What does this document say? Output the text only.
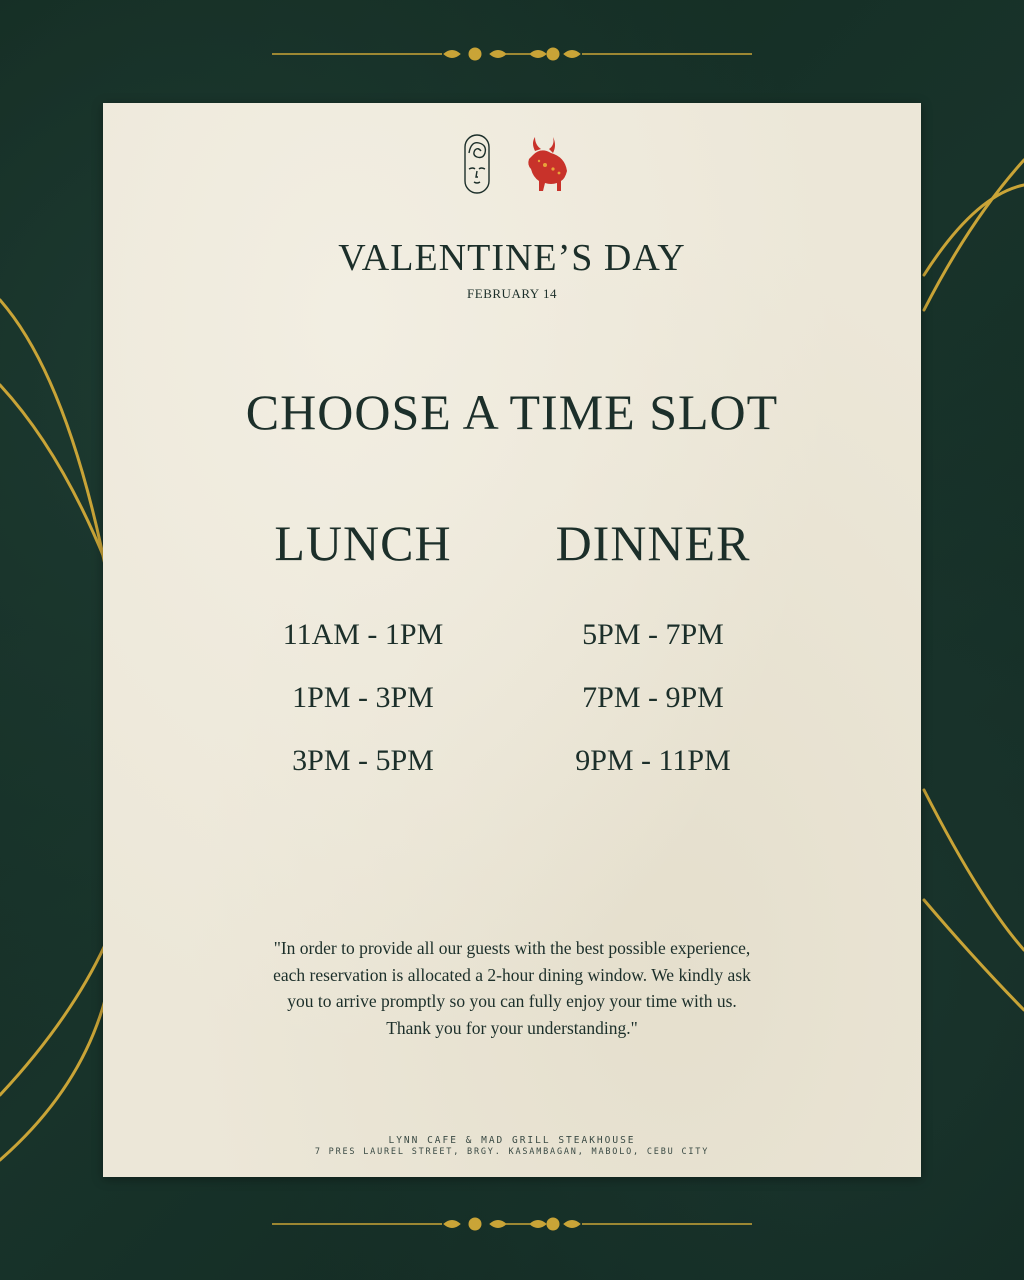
VALENTINE’S DAY
FEBRUARY 14
CHOOSE A TIME SLOT
LUNCH
11AM - 1PM
1PM - 3PM
3PM - 5PM
DINNER
5PM - 7PM
7PM - 9PM
9PM - 11PM
"In order to provide all our guests with the best possible experience,
each reservation is allocated a 2-hour dining window. We kindly ask
you to arrive promptly so you can fully enjoy your time with us.
Thank you for your understanding."
LYNN CAFE & MAD GRILL STEAKHOUSE
7 PRES LAUREL STREET, BRGY. KASAMBAGAN, MABOLO, CEBU CITY
